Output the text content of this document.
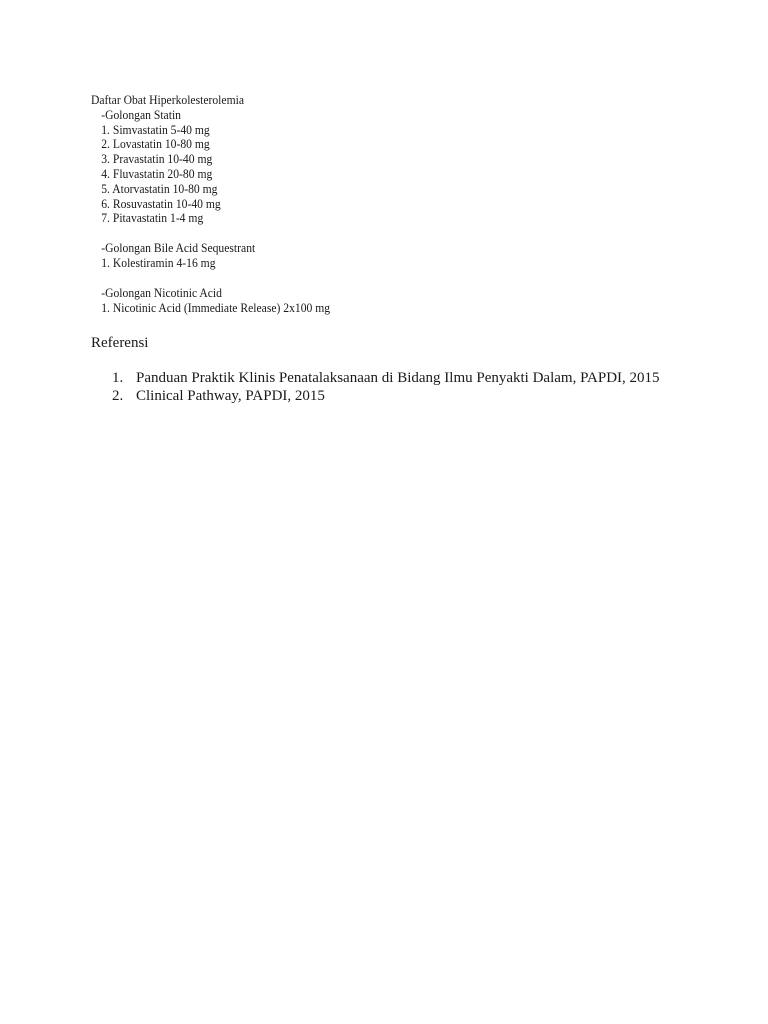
Daftar Obat Hiperkolesterolemia
-Golongan Statin
1. Simvastatin 5-40 mg
2. Lovastatin 10-80 mg
3. Pravastatin 10-40 mg
4. Fluvastatin 20-80 mg
5. Atorvastatin 10-80 mg
6. Rosuvastatin 10-40 mg
7. Pitavastatin 1-4 mg
-Golongan Bile Acid Sequestrant
1. Kolestiramin 4-16 mg
-Golongan Nicotinic Acid
1. Nicotinic Acid (Immediate Release) 2x100 mg
Referensi
1. Panduan Praktik Klinis Penatalaksanaan di Bidang Ilmu Penyakti Dalam, PAPDI, 2015
2. Clinical Pathway, PAPDI, 2015
